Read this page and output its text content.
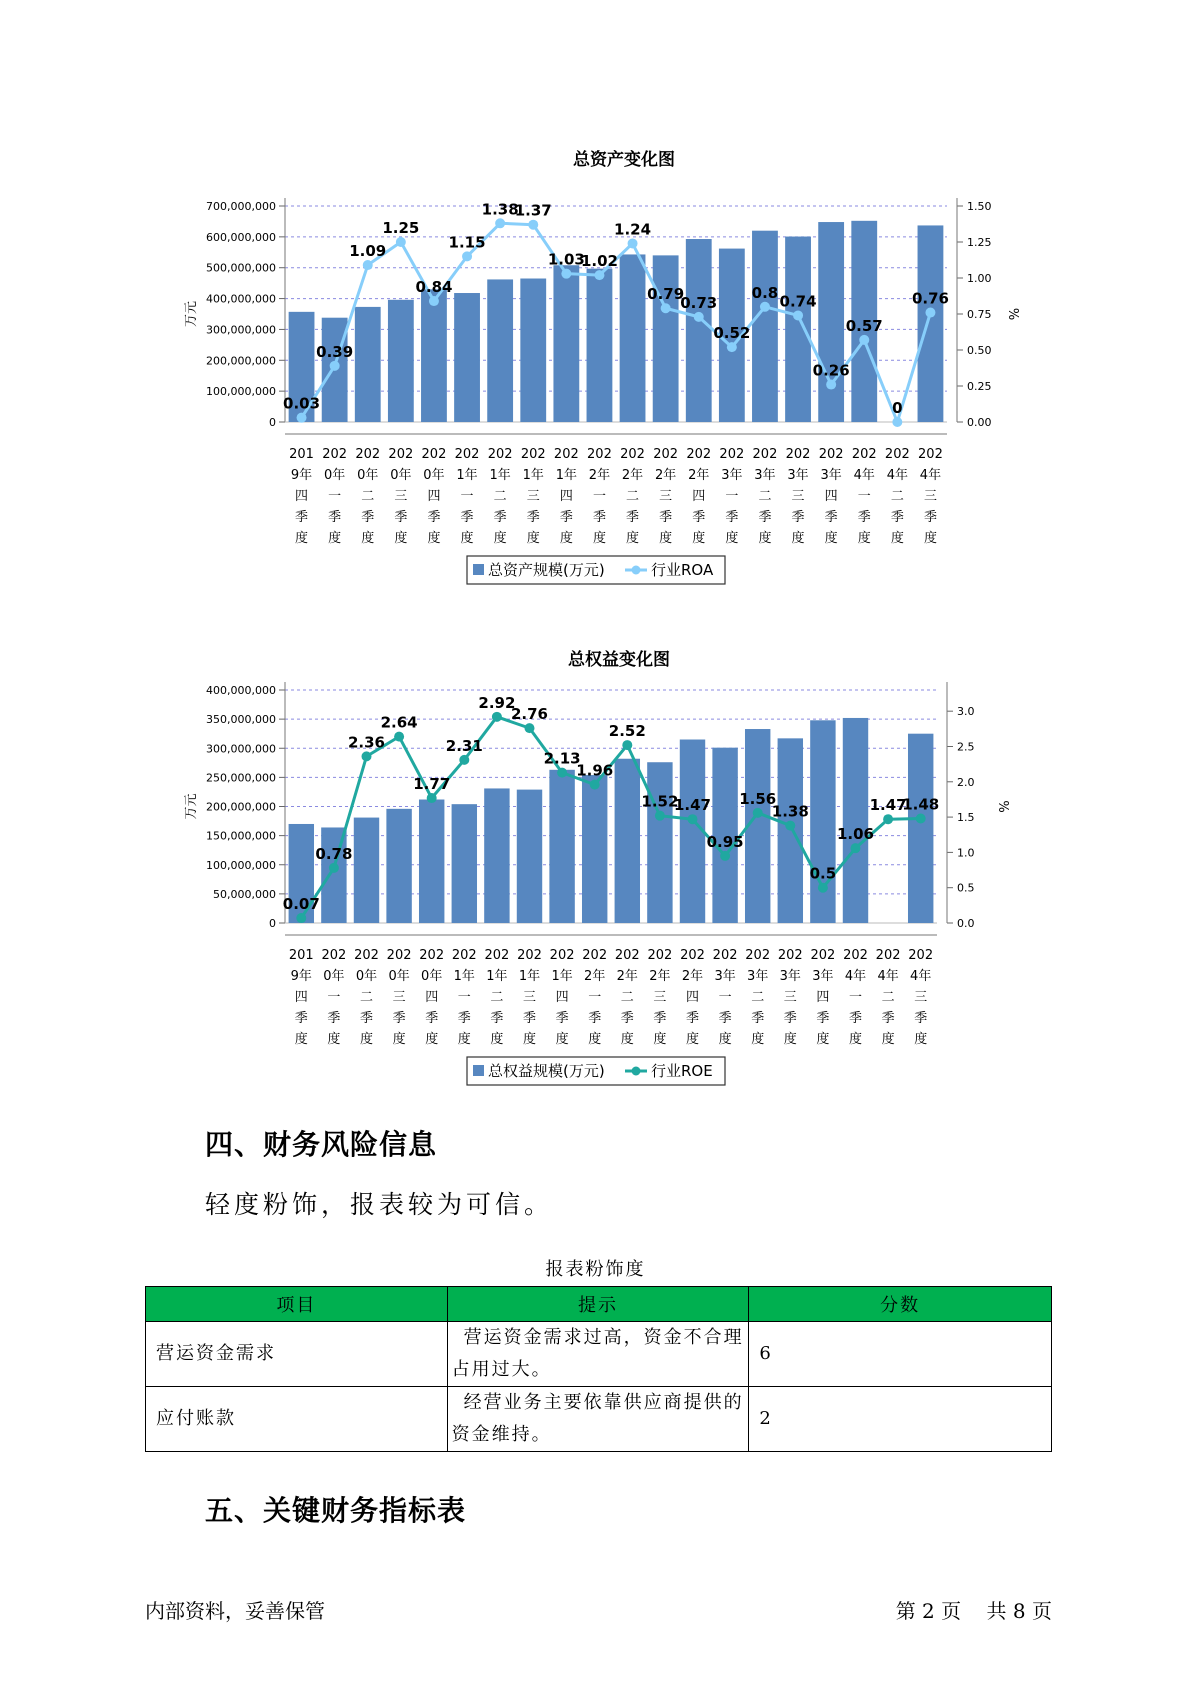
总资产变化图
700,000,000
600,000,000
500,000,000
400,000,000
300,000,000
200,000,000
100,000,000
0
1.50
1.25
1.00
0.75
0.50
0.25
0.00
万元	%
0.03
0.39
1.09
1.25
0.84
1.15
1.38
1.37
1.03
1.02
1.24
0.79
0.73
0.52
0.8 0.74
0.26
0.57
0
0.76
201 9年四季度
202 0年一季度
202 0年二季度
202 0年三季度
202 0年四季度
202 1年一季度
202 1年二季度
202 1年三季度
202 1年四季度
202 2年一季度
202 2年二季度
202 2年三季度
202 2年四季度
202 3年一季度
202 3年二季度
202 3年三季度
202 3年四季度
202 4年一季度
202 4年二季度
202 4年三季度
总资产规模(万元)	行业ROA
总权益变化图
400,000,000
350,000,000
300,000,000
250,000,000
200,000,000
150,000,000
100,000,000
50,000,000
0
3.0
2.5
2.0
1.5
1.0
0.5
0.0
万元	%
0.07
0.78
2.36
2.64
1.77
2.31
2.92
2.76
2.13
1.96
2.52
1.52
1.47
0.95
1.56
1.38
0.5
1.06
1.47
1.48
201 9年四季度
202 0年一季度
202 0年二季度
202 0年三季度
202 0年四季度
202 1年一季度
202 1年二季度
202 1年三季度
202 1年四季度
202 2年一季度
202 2年二季度
202 2年三季度
202 2年四季度
202 3年一季度
202 3年二季度
202 3年三季度
202 3年四季度
202 4年一季度
202 4年二季度
202 4年三季度
总权益规模(万元)	行业ROE
四、财务风险信息
轻度粉饰，报表较为可信。
报表粉饰度
项目	提示	分数
营运资金需求	营运资金需求过高，资金不合理占用过大。	6
应付账款	经营业务主要依靠供应商提供的资金维持。	2
五、关键财务指标表
内部资料，妥善保管	第 2 页    共 8 页
